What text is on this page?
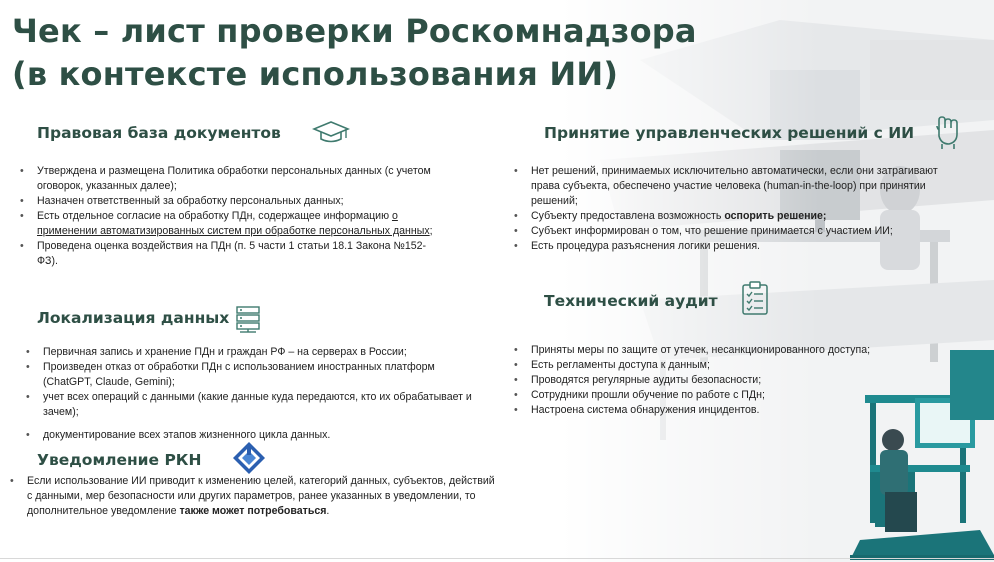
Чек – лист проверки Роскомнадзора
(в контексте использования ИИ)
Правовая база документов
• Утверждена и размещена Политика обработки персональных данных (с учетом оговорок, указанных далее);
• Назначен ответственный за обработку персональных данных;
• Есть отдельное согласие на обработку ПДн, содержащее информацию о применении автоматизированных систем при обработке персональных данных;
• Проведена оценка воздействия на ПДн (п. 5 части 1 статьи 18.1 Закона №152-ФЗ).
Локализация данных
• Первичная запись и хранение ПДн и граждан РФ – на серверах в России;
• Произведен отказ от обработки ПДн с использованием иностранных платформ (ChatGPT, Claude, Gemini);
• учет всех операций с данными (какие данные куда передаются, кто их обрабатывает и зачем);
• документирование всех этапов жизненного цикла данных.
Уведомление РКН
• Если использование ИИ приводит к изменению целей, категорий данных, субъектов, действий с данными, мер безопасности или других параметров, ранее указанных в уведомлении, то дополнительное уведомление также может потребоваться.
Принятие управленческих решений с ИИ
• Нет решений, принимаемых исключительно автоматически, если они затрагивают права субъекта, обеспечено участие человека (human-in-the-loop) при принятии решений;
• Субъекту предоставлена возможность оспорить решение;
• Субъект информирован о том, что решение принимается с участием ИИ;
• Есть процедура разъяснения логики решения.
Технический аудит
• Приняты меры по защите от утечек, несанкционированного доступа;
• Есть регламенты доступа к данным;
• Проводятся регулярные аудиты безопасности;
• Сотрудники прошли обучение по работе с ПДн;
• Настроена система обнаружения инцидентов.
